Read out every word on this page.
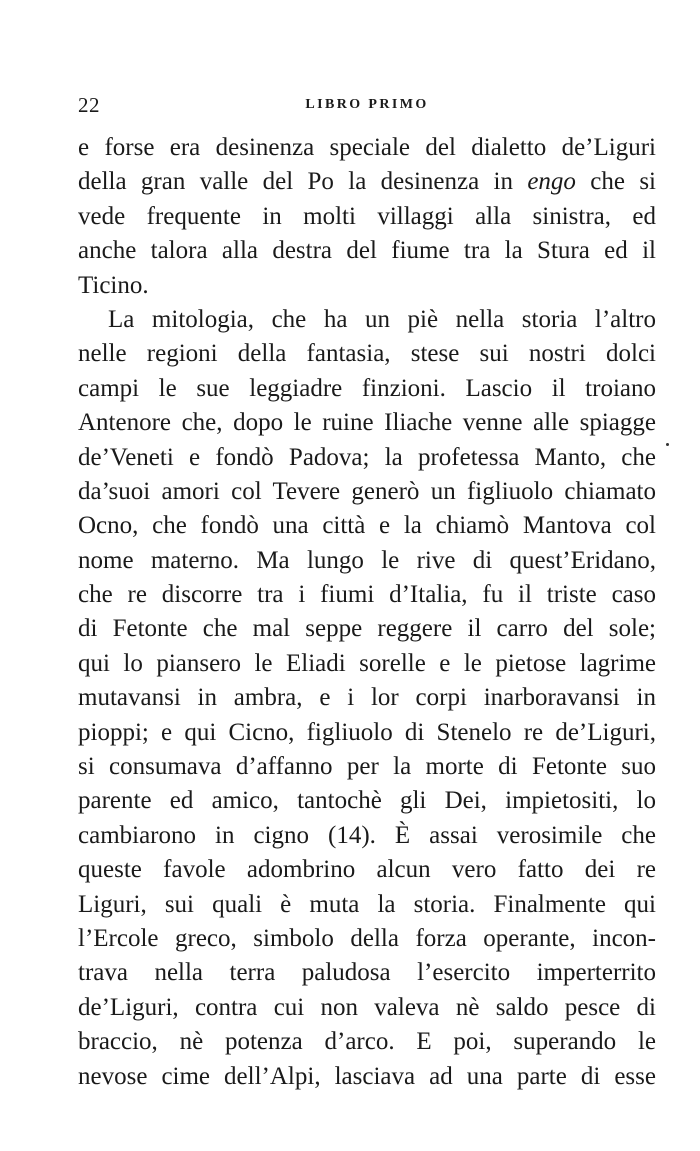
22	LIBRO PRIMO
e forse era desinenza speciale del dialetto de’Liguri
della gran valle del Po la desinenza in engo che si
vede frequente in molti villaggi alla sinistra, ed
anche talora alla destra del fiume tra la Stura ed il
Ticino.
La mitologia, che ha un piè nella storia l’altro
nelle regioni della fantasia, stese sui nostri dolci
campi le sue leggiadre finzioni. Lascio il troiano
Antenore che, dopo le ruine Iliache venne alle spiagge
de’Veneti e fondò Padova; la profetessa Manto, che
da’suoi amori col Tevere generò un figliuolo chiamato
Ocno, che fondò una città e la chiamò Mantova col
nome materno. Ma lungo le rive di quest’Eridano,
che re discorre tra i fiumi d’Italia, fu il triste caso
di Fetonte che mal seppe reggere il carro del sole;
qui lo piansero le Eliadi sorelle e le pietose lagrime
mutavansi in ambra, e i lor corpi inarboravansi in
pioppi; e qui Cicno, figliuolo di Stenelo re de’Liguri,
si consumava d’affanno per la morte di Fetonte suo
parente ed amico, tantochè gli Dei, impietositi, lo
cambiarono in cigno (14). È assai verosimile che
queste favole adombrino alcun vero fatto dei re
Liguri, sui quali è muta la storia. Finalmente qui
l’Ercole greco, simbolo della forza operante, incon-
trava nella terra paludosa l’esercito imperterrito
de’Liguri, contra cui non valeva nè saldo pesce di
braccio, nè potenza d’arco. E poi, superando le
nevose cime dell’Alpi, lasciava ad una parte di esse
